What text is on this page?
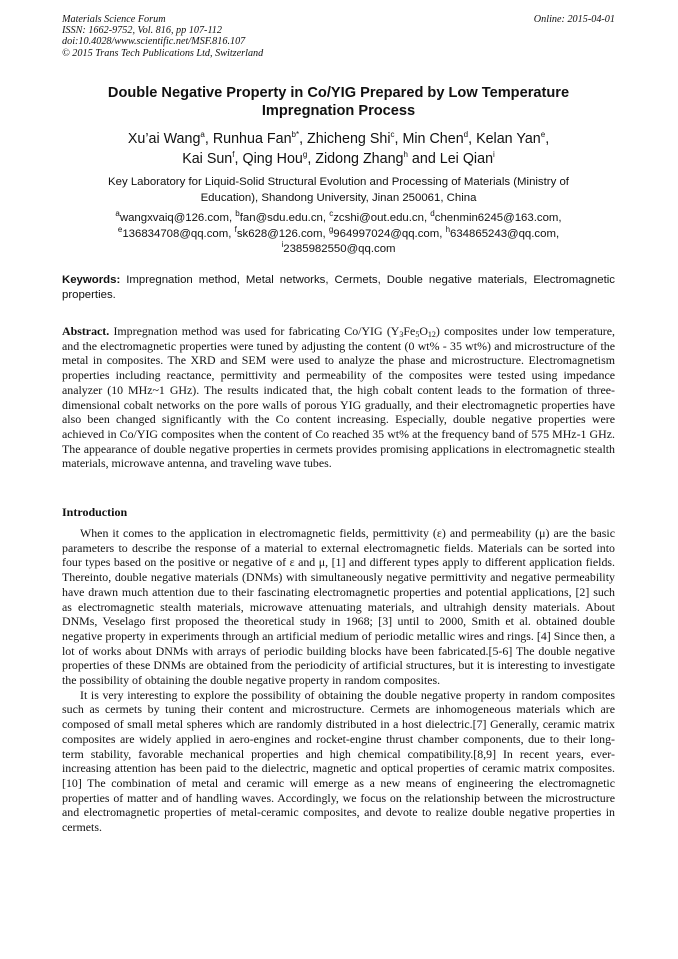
Materials Science Forum
ISSN: 1662-9752, Vol. 816, pp 107-112
doi:10.4028/www.scientific.net/MSF.816.107
© 2015 Trans Tech Publications Ltd, Switzerland
Online: 2015-04-01
Double Negative Property in Co/YIG Prepared by Low Temperature
Impregnation Process
Xu’ai Wang$^a$, Runhua Fan$^{b*}$, Zhicheng Shi$^c$, Min Chen$^d$, Kelan Yan$^e$,
Kai Sun$^f$, Qing Hou$^g$, Zidong Zhang$^h$ and Lei Qian$^i$
Key Laboratory for Liquid-Solid Structural Evolution and Processing of Materials (Ministry of
Education), Shandong University, Jinan 250061, China
$^a$wangxvaiq@126.com, $^b$fan@sdu.edu.cn, $^c$zcshi@out.edu.cn, $^d$chenmin6245@163.com,
$^e$136834708@qq.com, $^f$sk628@126.com, $^g$964997024@qq.com, $^h$634865243@qq.com,
$^i$2385982550@qq.com
Keywords: Impregnation method, Metal networks, Cermets, Double negative materials, Electromagnetic properties.
Abstract. Impregnation method was used for fabricating Co/YIG $(Y_3Fe_5O_{12})$ composites under low temperature, and the electromagnetic properties were tuned by adjusting the content (0 wt% - 35 wt%) and microstructure of the metal in composites. The XRD and SEM were used to analyze the phase and microstructure. Electromagnetism properties including reactance, permittivity and permeability of the composites were tested using impedance analyzer (10 MHz~1 GHz). The results indicated that, the high cobalt content leads to the formation of three-dimensional cobalt networks on the pore walls of porous YIG gradually, and their electromagnetic properties have also been changed significantly with the Co content increasing. Especially, double negative properties were achieved in Co/YIG composites when the content of Co reached 35 wt% at the frequency band of 575 MHz-1 GHz. The appearance of double negative properties in cermets provides promising applications in electromagnetic stealth materials, microwave antenna, and traveling wave tubes.
Introduction

When it comes to the application in electromagnetic fields, permittivity (ε) and permeability (μ) are the basic parameters to describe the response of a material to external electromagnetic fields. Materials can be sorted into four types based on the positive or negative of ε and μ, [1] and different types apply to different application fields. Thereinto, double negative materials (DNMs) with simultaneously negative permittivity and negative permeability have drawn much attention due to their fascinating electromagnetic properties and potential applications, [2] such as electromagnetic stealth materials, microwave attenuating materials, and ultrahigh density materials. About DNMs, Veselago first proposed the theoretical study in 1968; [3] until to 2000, Smith et al. obtained double negative property in experiments through an artificial medium of periodic metallic wires and rings. [4] Since then, a lot of works about DNMs with arrays of periodic building blocks have been fabricated.[5-6] The double negative properties of these DNMs are obtained from the periodicity of artificial structures, but it is interesting to investigate the possibility of obtaining the double negative property in random composites.

It is very interesting to explore the possibility of obtaining the double negative property in random composites such as cermets by tuning their content and microstructure. Cermets are inhomogeneous materials which are composed of small metal spheres which are randomly distributed in a host dielectric.[7] Generally, ceramic matrix composites are widely applied in aero-engines and rocket-engine thrust chamber components, due to their long-term stability, favorable mechanical properties and high chemical compatibility.[8,9] In recent years, ever-increasing attention has been paid to the dielectric, magnetic and optical properties of ceramic matrix composites.[10] The combination of metal and ceramic will emerge as a new means of engineering the electromagnetic properties of matter and of handling waves. Accordingly, we focus on the relationship between the microstructure and electromagnetic properties of metal-ceramic composites, and devote to realize double negative properties in cermets.
